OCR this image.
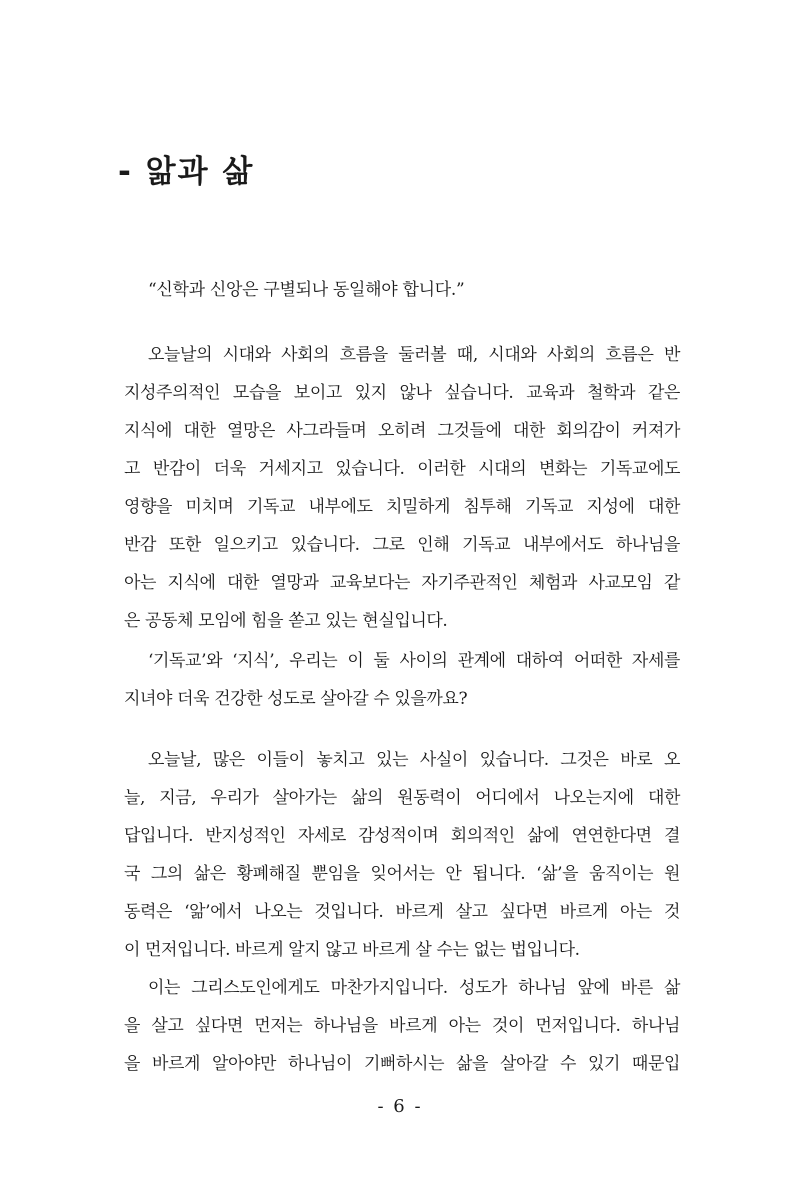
- 앎과 삶

“신학과 신앙은 구별되나 동일해야 합니다.”

오늘날의 시대와 사회의 흐름을 둘러볼 때, 시대와 사회의 흐름은 반
지성주의적인 모습을 보이고 있지 않나 싶습니다. 교육과 철학과 같은
지식에 대한 열망은 사그라들며 오히려 그것들에 대한 회의감이 커져가
고 반감이 더욱 거세지고 있습니다. 이러한 시대의 변화는 기독교에도
영향을 미치며 기독교 내부에도 치밀하게 침투해 기독교 지성에 대한
반감 또한 일으키고 있습니다. 그로 인해 기독교 내부에서도 하나님을
아는 지식에 대한 열망과 교육보다는 자기주관적인 체험과 사교모임 같
은 공동체 모임에 힘을 쏟고 있는 현실입니다.
‘기독교’와 ‘지식’, 우리는 이 둘 사이의 관계에 대하여 어떠한 자세를
지녀야 더욱 건강한 성도로 살아갈 수 있을까요?
오늘날, 많은 이들이 놓치고 있는 사실이 있습니다. 그것은 바로 오
늘, 지금, 우리가 살아가는 삶의 원동력이 어디에서 나오는지에 대한
답입니다. 반지성적인 자세로 감성적이며 회의적인 삶에 연연한다면 결
국 그의 삶은 황폐해질 뿐임을 잊어서는 안 됩니다. ‘삶’을 움직이는 원
동력은 ‘앎’에서 나오는 것입니다. 바르게 살고 싶다면 바르게 아는 것
이 먼저입니다. 바르게 알지 않고 바르게 살 수는 없는 법입니다.
이는 그리스도인에게도 마찬가지입니다. 성도가 하나님 앞에 바른 삶
을 살고 싶다면 먼저는 하나님을 바르게 아는 것이 먼저입니다. 하나님
을 바르게 알아야만 하나님이 기뻐하시는 삶을 살아갈 수 있기 때문입

- 6 -
